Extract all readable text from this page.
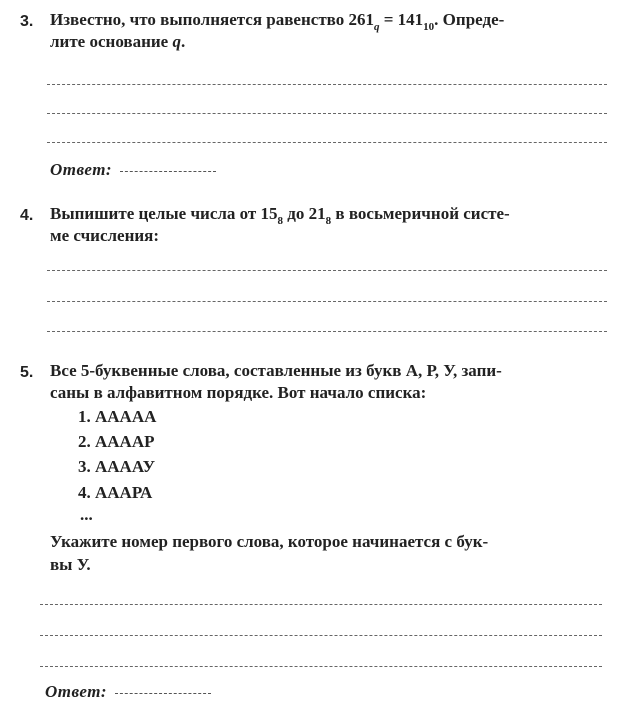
3. Известно, что выполняется равенство $261_q = 141_{10}$. Опреде-
лите основание q.
Ответ:
4. Выпишите целые числа от $15_8$ до $21_8$ в восьмеричной систе-
ме счисления:
5. Все 5-буквенные слова, составленные из букв А, Р, У, запи-
саны в алфавитном порядке. Вот начало списка:
1. ААААА
2. ААААР
3. ААААУ
4. АААРА
...
Укажите номер первого слова, которое начинается с бук-
вы У.
Ответ:
